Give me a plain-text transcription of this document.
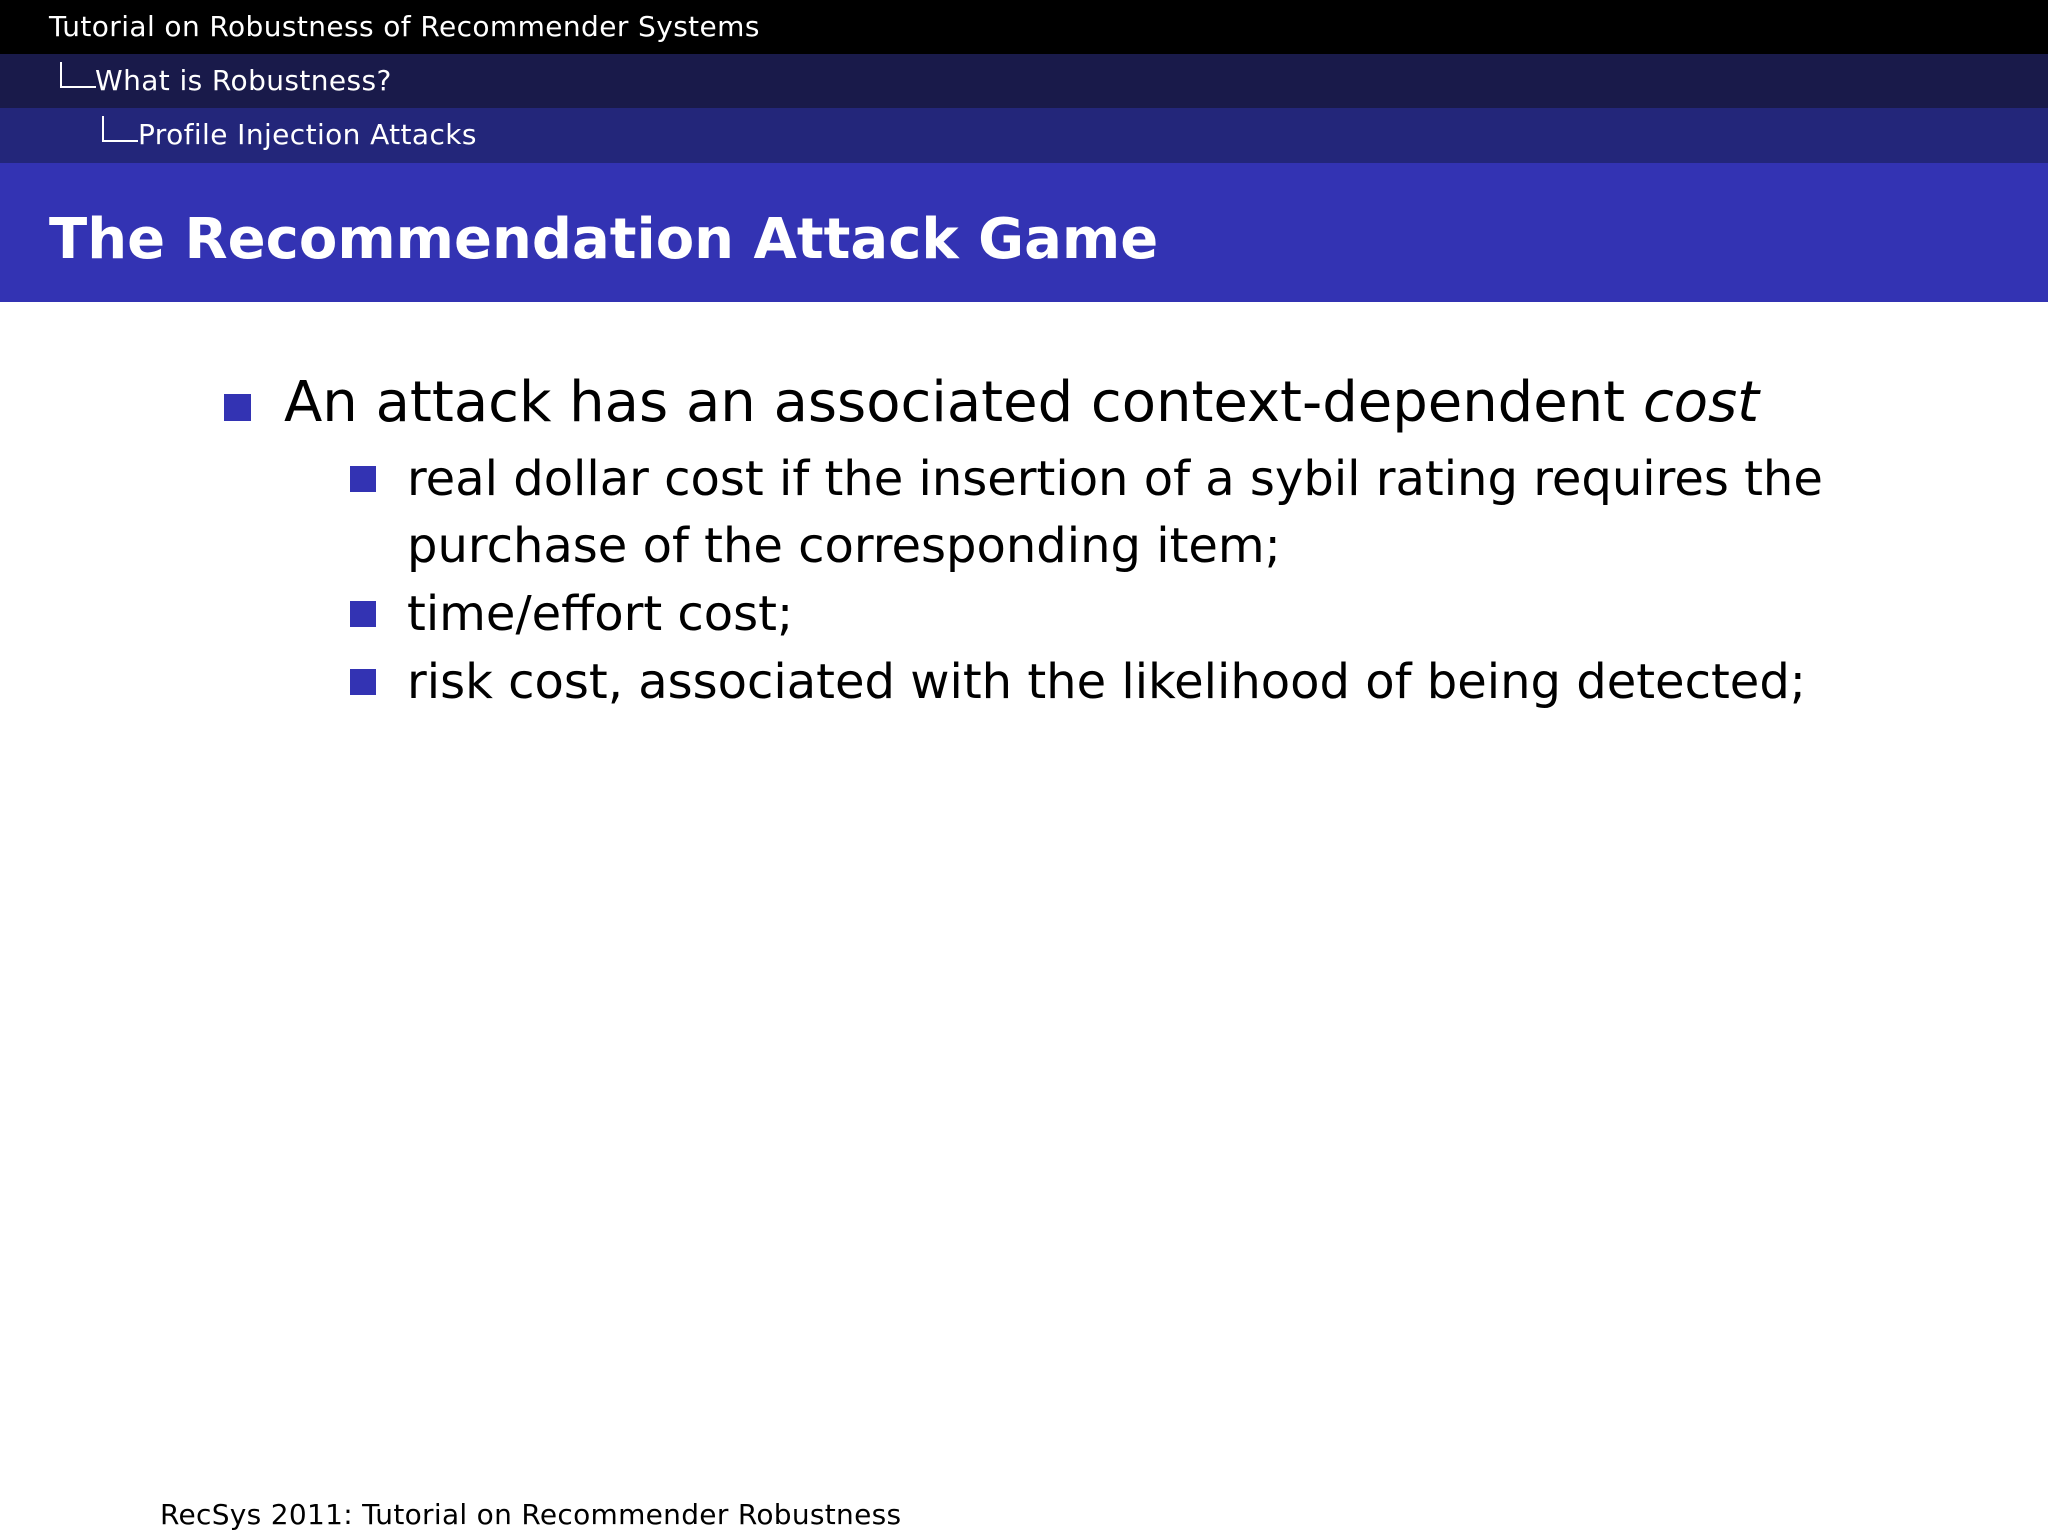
Tutorial on Robustness of Recommender Systems
What is Robustness?
Profile Injection Attacks
The Recommendation Attack Game
An attack has an associated context-dependent cost
real dollar cost if the insertion of a sybil rating requires the purchase of the corresponding item;
time/effort cost;
risk cost, associated with the likelihood of being detected;
RecSys 2011: Tutorial on Recommender Robustness
